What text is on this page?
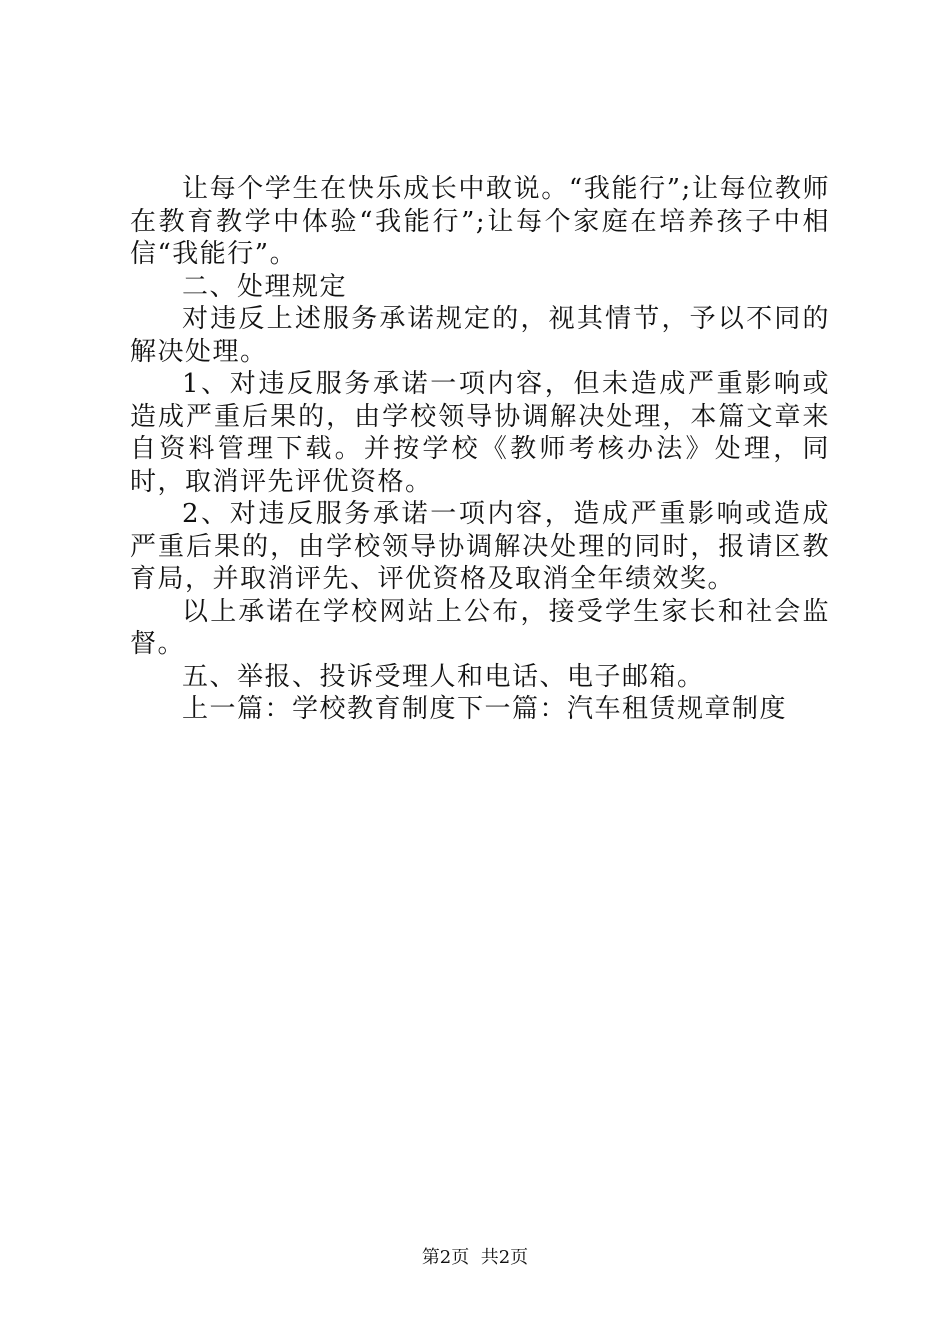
让每个学生在快乐成长中敢说。“我能行”;让每位教师在教育教学中体验“我能行”;让每个家庭在培养孩子中相信“我能行”。

二、处理规定

对违反上述服务承诺规定的，视其情节，予以不同的解决处理。

1、对违反服务承诺一项内容，但未造成严重影响或造成严重后果的，由学校领导协调解决处理，本篇文章来自资料管理下载。并按学校《教师考核办法》处理，同时，取消评先评优资格。

2、对违反服务承诺一项内容，造成严重影响或造成严重后果的，由学校领导协调解决处理的同时，报请区教育局，并取消评先、评优资格及取消全年绩效奖。

以上承诺在学校网站上公布，接受学生家长和社会监督。

五、举报、投诉受理人和电话、电子邮箱。

上一篇：学校教育制度下一篇：汽车租赁规章制度

第2页  共2页
